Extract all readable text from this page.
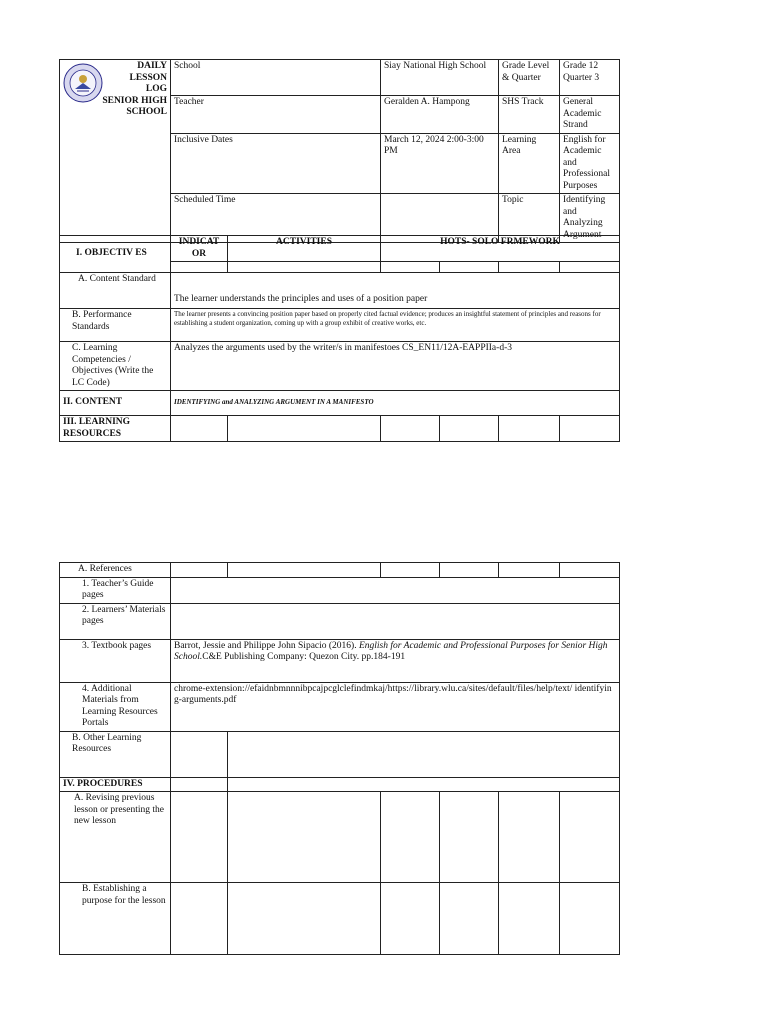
DAILY
LESSON
LOG
SENIOR HIGH
SCHOOL	School	Siay National High School	Grade Level & Quarter	Grade 12 Quarter 3
	Teacher	Geralden A. Hampong	SHS Track	General Academic Strand
	Inclusive Dates	March 12, 2024 2:00-3:00 PM	Learning Area	English for Academic and Professional Purposes
	Scheduled Time		Topic	Identifying and Analyzing Argument
I. OBJECTIV ES	INDICAT OR	ACTIVITIES	HOTS- SOLO FRMEWORK			

A. Content Standard	The learner understands the principles and uses of a position paper					
B. Performance Standards	The learner presents a convincing position paper based on properly cited factual evidence; produces an insightful statement of principles and reasons for establishing a student organization, coming up with a group exhibit of creative works, etc.					
C. Learning Competencies / Objectives (Write the LC Code)	Analyzes the arguments used by the writer/s in manifestoes CS_EN11/12A-EAPPIIa-d-3					
II. CONTENT	IDENTIFYING and ANALYZING ARGUMENT IN A MANIFESTO					
III. LEARNING RESOURCES						
A. References						
1. Teacher’s Guide pages						
2. Learners’ Materials pages						
3. Textbook pages	Barrot, Jessie and Philippe John Sipacio (2016). English for Academic and Professional Purposes for Senior High School.C&E Publishing Company: Quezon City. pp.184-191					
4. Additional Materials from Learning Resources Portals	chrome-extension://efaidnbmnnnibpcajpcglclefindmkaj/https://library.wlu.ca/sites/default/files/help/text/ identifying-arguments.pdf					
B. Other Learning Resources						
IV. PROCEDURES						
A. Revising previous lesson or presenting the new lesson						
B. Establishing a purpose for the lesson						
